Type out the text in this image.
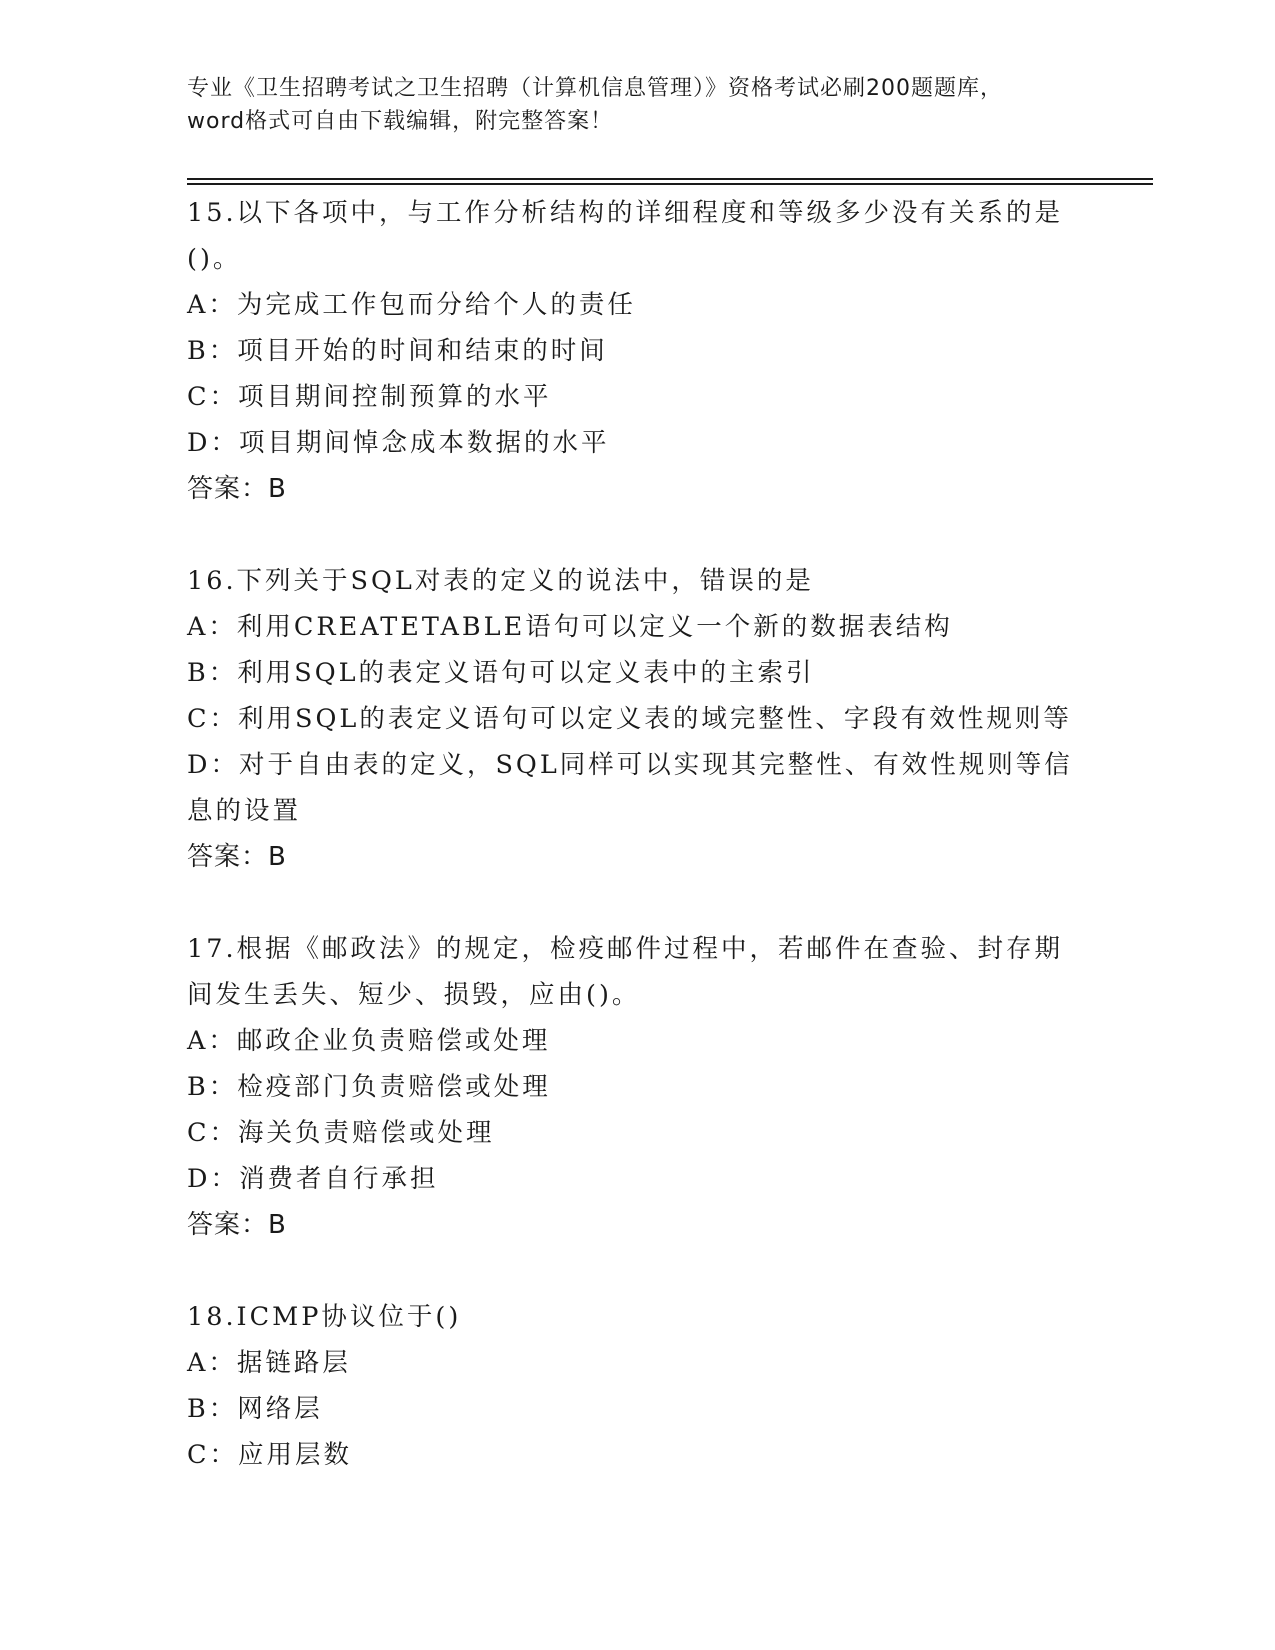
专业《卫生招聘考试之卫生招聘（计算机信息管理）》资格考试必刷200题题库，
word格式可自由下载编辑，附完整答案！
15.以下各项中，与工作分析结构的详细程度和等级多少没有关系的是
()。
A：为完成工作包而分给个人的责任
B：项目开始的时间和结束的时间
C：项目期间控制预算的水平
D：项目期间悼念成本数据的水平
答案：B
16.下列关于SQL对表的定义的说法中，错误的是
A：利用CREATETABLE语句可以定义一个新的数据表结构
B：利用SQL的表定义语句可以定义表中的主索引
C：利用SQL的表定义语句可以定义表的域完整性、字段有效性规则等
D：对于自由表的定义，SQL同样可以实现其完整性、有效性规则等信
息的设置
答案：B
17.根据《邮政法》的规定，检疫邮件过程中，若邮件在查验、封存期
间发生丢失、短少、损毁，应由()。
A：邮政企业负责赔偿或处理
B：检疫部门负责赔偿或处理
C：海关负责赔偿或处理
D：消费者自行承担
答案：B
18.ICMP协议位于()
A：据链路层
B：网络层
C：应用层数
